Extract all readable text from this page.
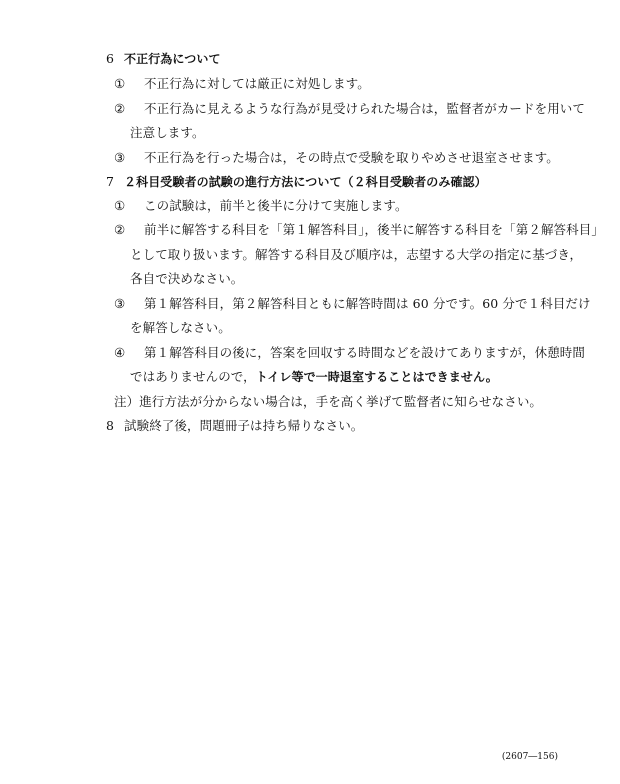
6 不正行為について
① 不正行為に対しては厳正に対処します。
② 不正行為に見えるような行為が見受けられた場合は，監督者がカードを用いて
注意します。
③ 不正行為を行った場合は，その時点で受験を取りやめさせ退室させます。
7 ２科目受験者の試験の進行方法について（２科目受験者のみ確認）
① この試験は，前半と後半に分けて実施します。
② 前半に解答する科目を「第１解答科目」，後半に解答する科目を「第２解答科目」
として取り扱います。解答する科目及び順序は，志望する大学の指定に基づき，
各自で決めなさい。
③ 第１解答科目，第２解答科目ともに解答時間は 60 分です。60 分で１科目だけ
を解答しなさい。
④ 第１解答科目の後に，答案を回収する時間などを設けてありますが，休憩時間
ではありませんので，トイレ等で一時退室することはできません。
注）進行方法が分からない場合は，手を高く挙げて監督者に知らせなさい。
8 試験終了後，問題冊子は持ち帰りなさい。
(2607―156)
